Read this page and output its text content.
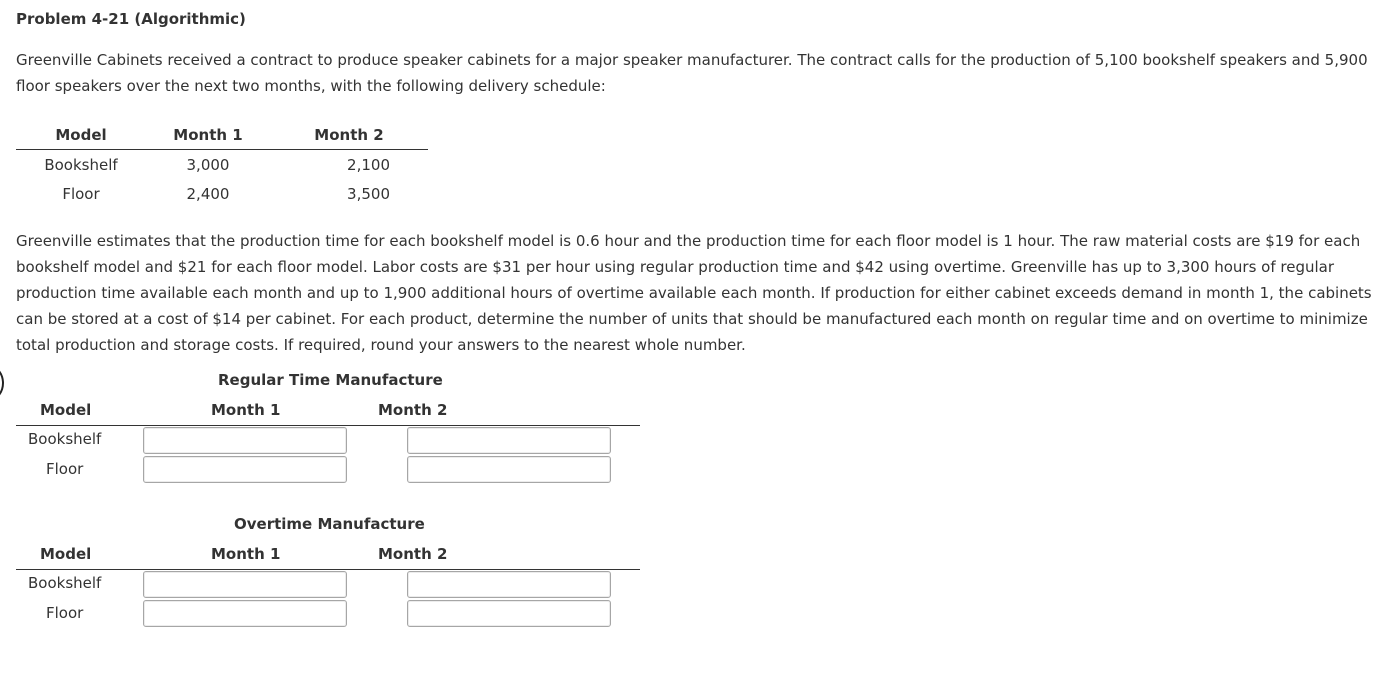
Problem 4-21 (Algorithmic)

Greenville Cabinets received a contract to produce speaker cabinets for a major speaker manufacturer. The contract calls for the production of 5,100 bookshelf speakers and 5,900 floor speakers over the next two months, with the following delivery schedule:

Model	Month 1	Month 2
Bookshelf	3,000	2,100
Floor	2,400	3,500

Greenville estimates that the production time for each bookshelf model is 0.6 hour and the production time for each floor model is 1 hour. The raw material costs are $19 for each bookshelf model and $21 for each floor model. Labor costs are $31 per hour using regular production time and $42 using overtime. Greenville has up to 3,300 hours of regular production time available each month and up to 1,900 additional hours of overtime available each month. If production for either cabinet exceeds demand in month 1, the cabinets can be stored at a cost of $14 per cabinet. For each product, determine the number of units that should be manufactured each month on regular time and on overtime to minimize total production and storage costs. If required, round your answers to the nearest whole number.

Regular Time Manufacture
Model	Month 1	Month 2
Bookshelf
Floor
Overtime Manufacture
Model	Month 1	Month 2
Bookshelf
Floor
